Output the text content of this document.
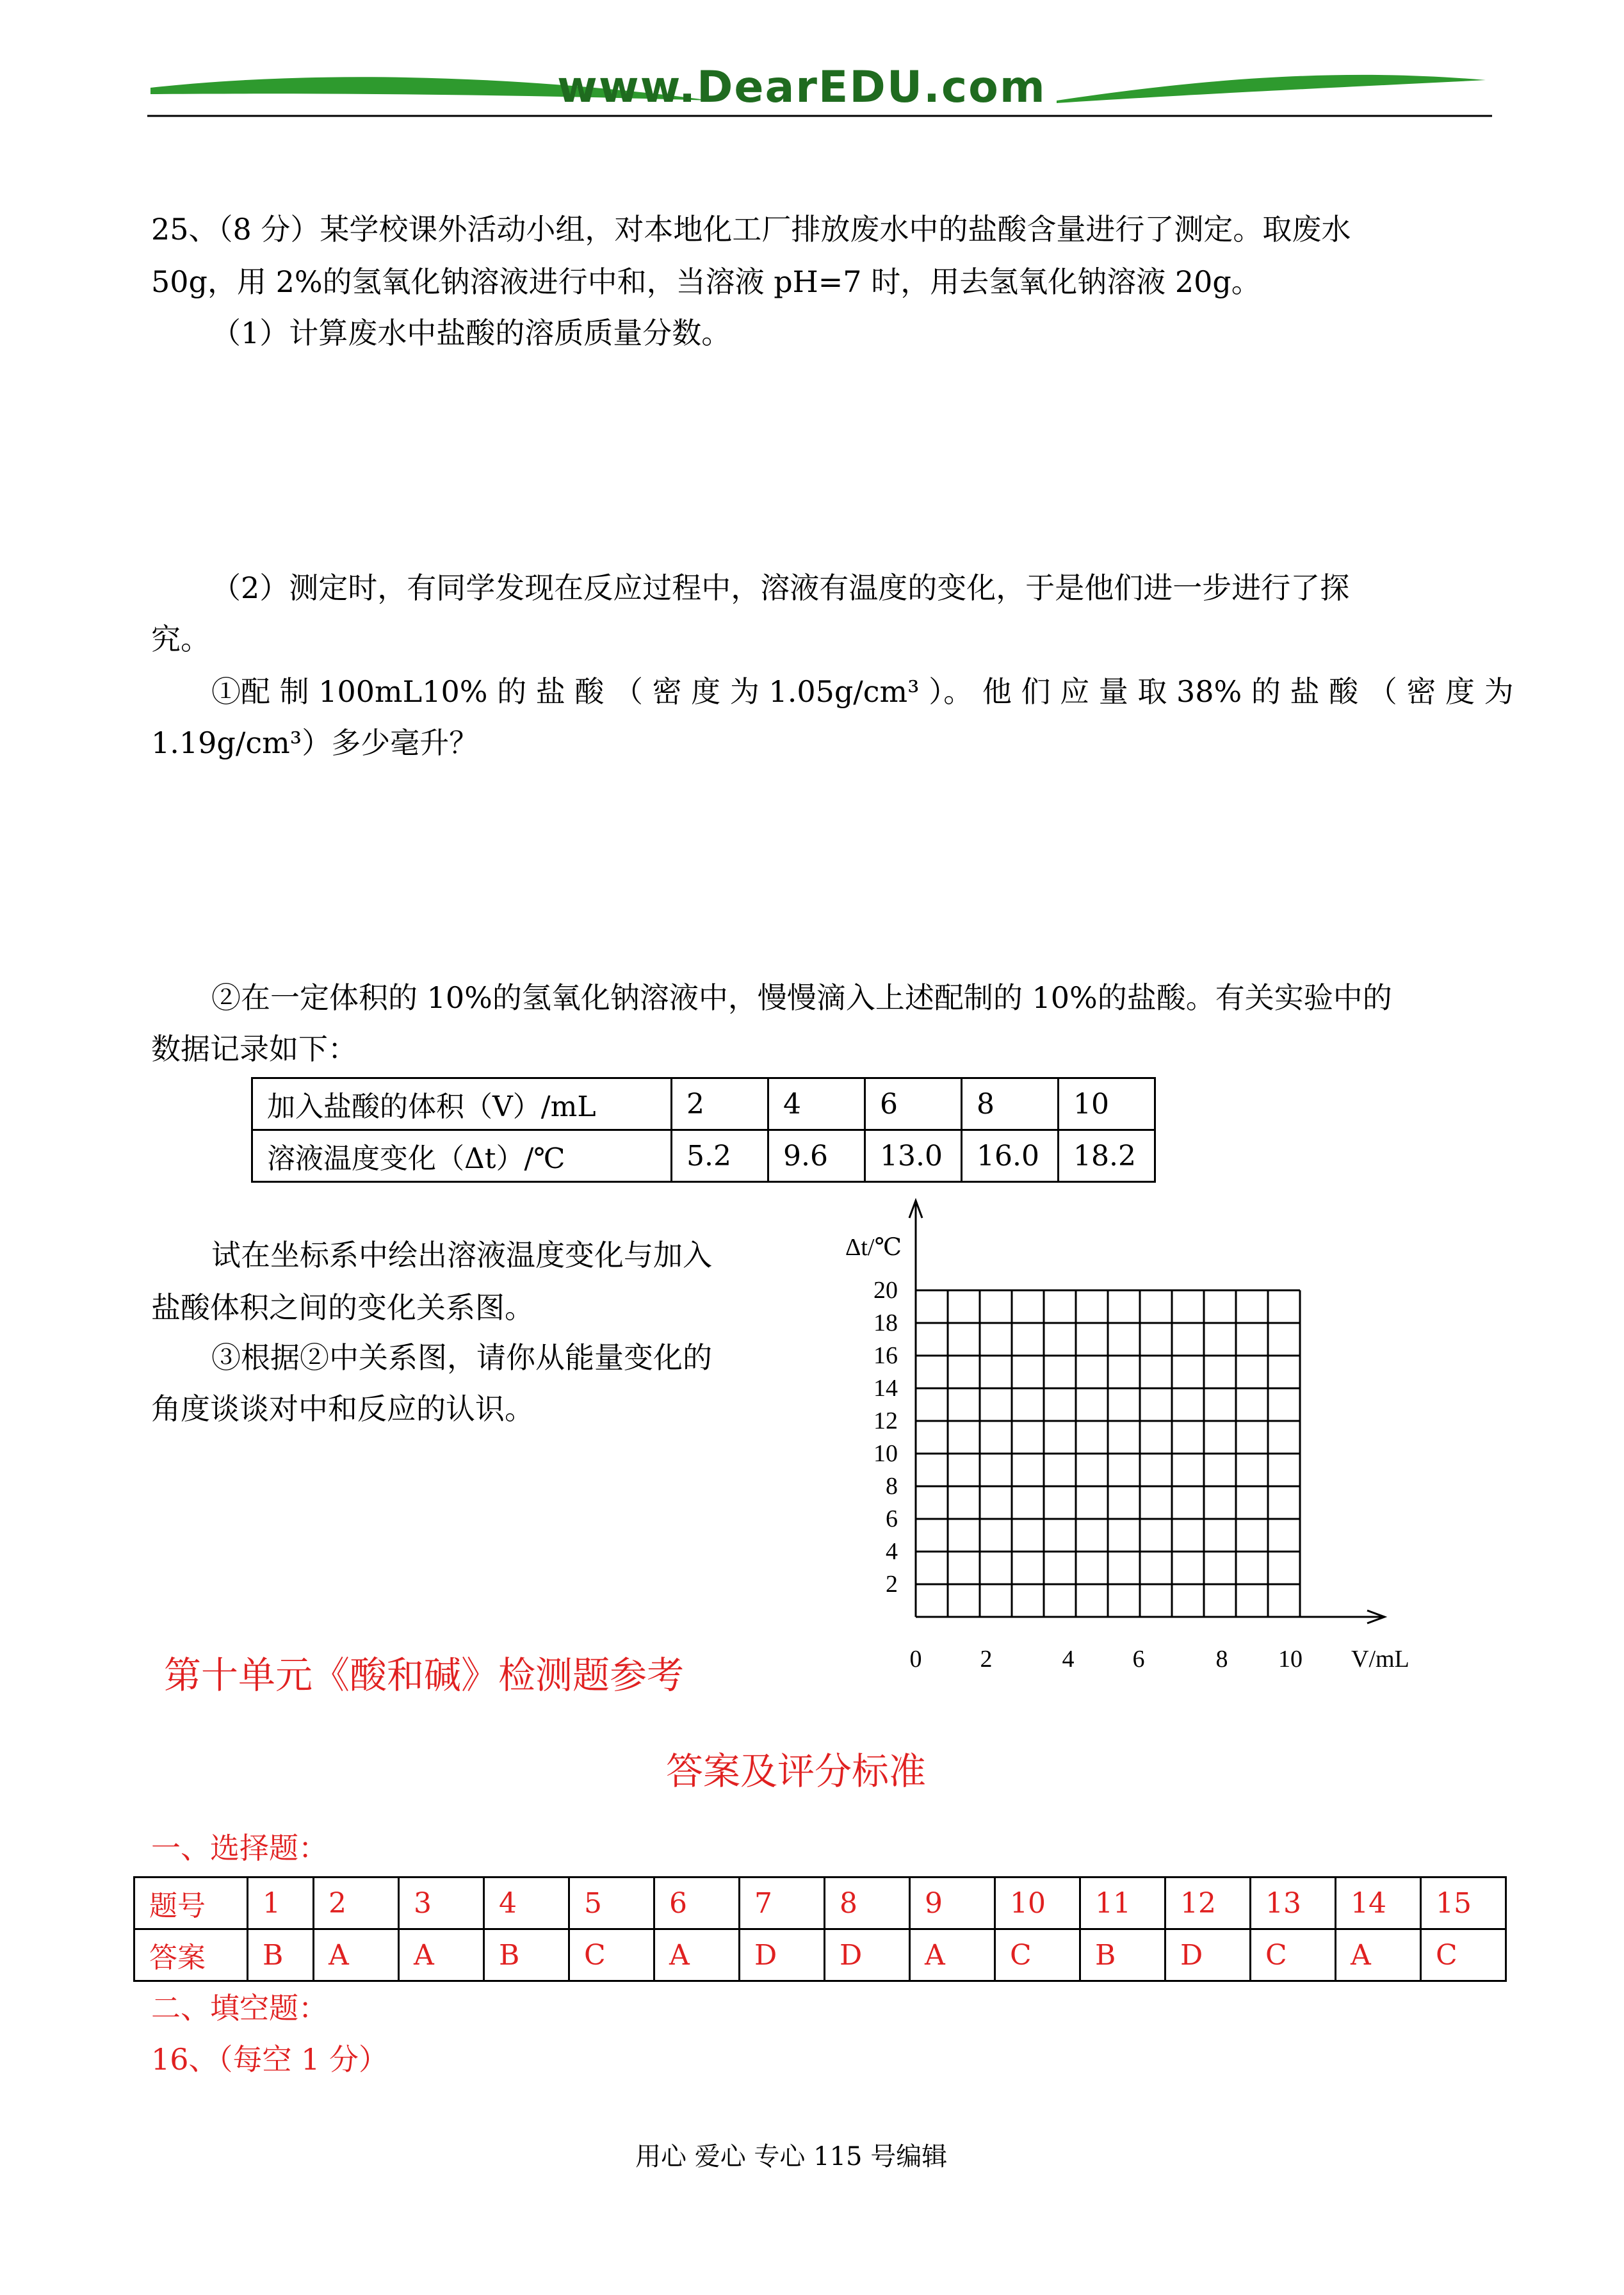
www.DearEDU.com
25、（8 分）某学校课外活动小组，对本地化工厂排放废水中的盐酸含量进行了测定。取废水
50g，用 2%的氢氧化钠溶液进行中和，当溶液 pH=7 时，用去氢氧化钠溶液 20g。
（1）计算废水中盐酸的溶质质量分数。
（2）测定时，有同学发现在反应过程中，溶液有温度的变化，于是他们进一步进行了探
究。
①配 制 100mL10% 的 盐 酸 （ 密 度 为 1.05g/cm³ ）。 他 们 应 量 取 38% 的 盐 酸 （ 密 度 为
1.19g/cm³）多少毫升？
②在一定体积的 10%的氢氧化钠溶液中，慢慢滴入上述配制的 10%的盐酸。有关实验中的
数据记录如下：
加入盐酸的体积（V）/mL	2	4	6	8	10
溶液温度变化（Δt）/℃	5.2	9.6	13.0	16.0	18.2
试在坐标系中绘出溶液温度变化与加入
盐酸体积之间的变化关系图。
③根据②中关系图，请你从能量变化的
角度谈谈对中和反应的认识。
Δt/℃
20
18
16
14
12
10
8
6
4
2
0 2	4 6	8 10 V/mL
第十单元《酸和碱》检测题参考
答案及评分标准
一、选择题：
题号	1	2	3	4	5	6	7	8	9	10	11	12	13	14	15
答案	B	A	A	B	C	A	D	D	A	C	B	D	C	A	C
二、填空题：
16、（每空 1 分）
用心 爱心 专心 115 号编辑
